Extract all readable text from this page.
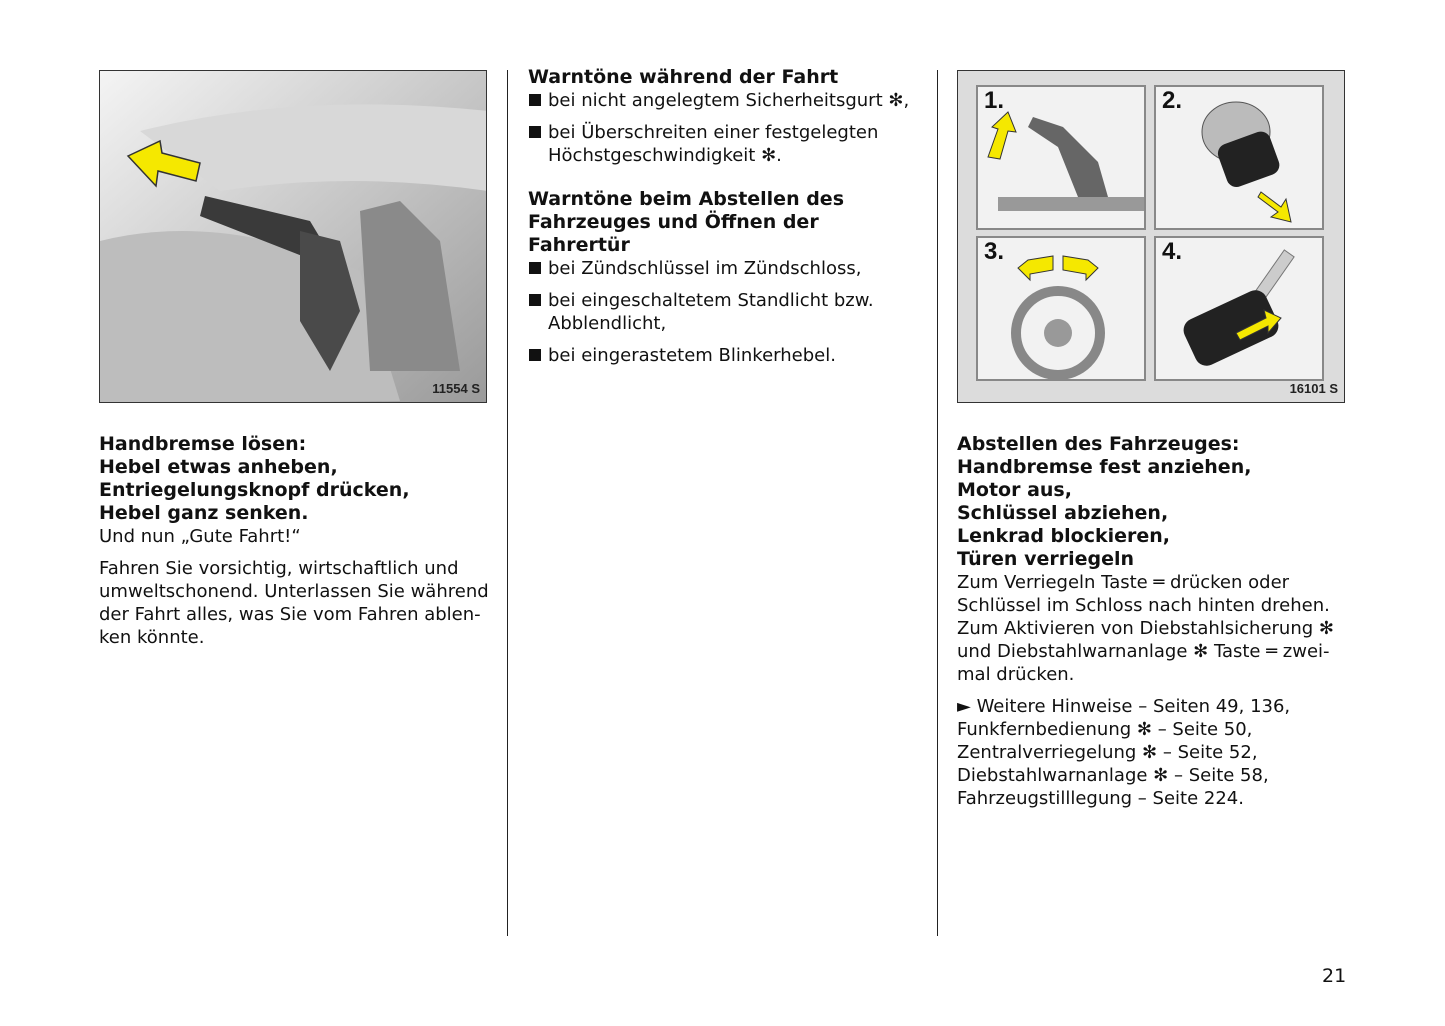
11554 S
Handbremse lösen:
Hebel etwas anheben,
Entriegelungsknopf drücken,
Hebel ganz senken.

Und nun „Gute Fahrt!“

Fahren Sie vorsichtig, wirtschaftlich und umweltschonend. Unterlassen Sie während der Fahrt alles, was Sie vom Fahren ablen-ken könnte.

Warntöne während der Fahrt
bei nicht angelegtem Sicherheitsgurt ✻,
bei Überschreiten einer festgelegten Höchstgeschwindigkeit ✻.
Warntöne beim Abstellen des
Fahrzeuges und Öffnen der Fahrertür
bei Zündschlüssel im Zündschloss,
bei eingeschaltetem Standlicht bzw. Abblendlicht,
bei eingerastetem Blinkerhebel.
1.	2.
3.	4.
16101 S
Abstellen des Fahrzeuges:
Handbremse fest anziehen,
Motor aus,
Schlüssel abziehen,
Lenkrad blockieren,
Türen verriegeln

Zum Verriegeln Taste ═ drücken oder Schlüssel im Schloss nach hinten drehen. Zum Aktivieren von Diebstahlsicherung ✻ und Diebstahlwarnanlage ✻ Taste ═ zwei-mal drücken.

► Weitere Hinweise – Seiten 49, 136,

Funkfernbedienung ✻ – Seite 50,

Zentralverriegelung ✻ – Seite 52,

Diebstahlwarnanlage ✻ – Seite 58,

Fahrzeugstilllegung – Seite 224.

21
